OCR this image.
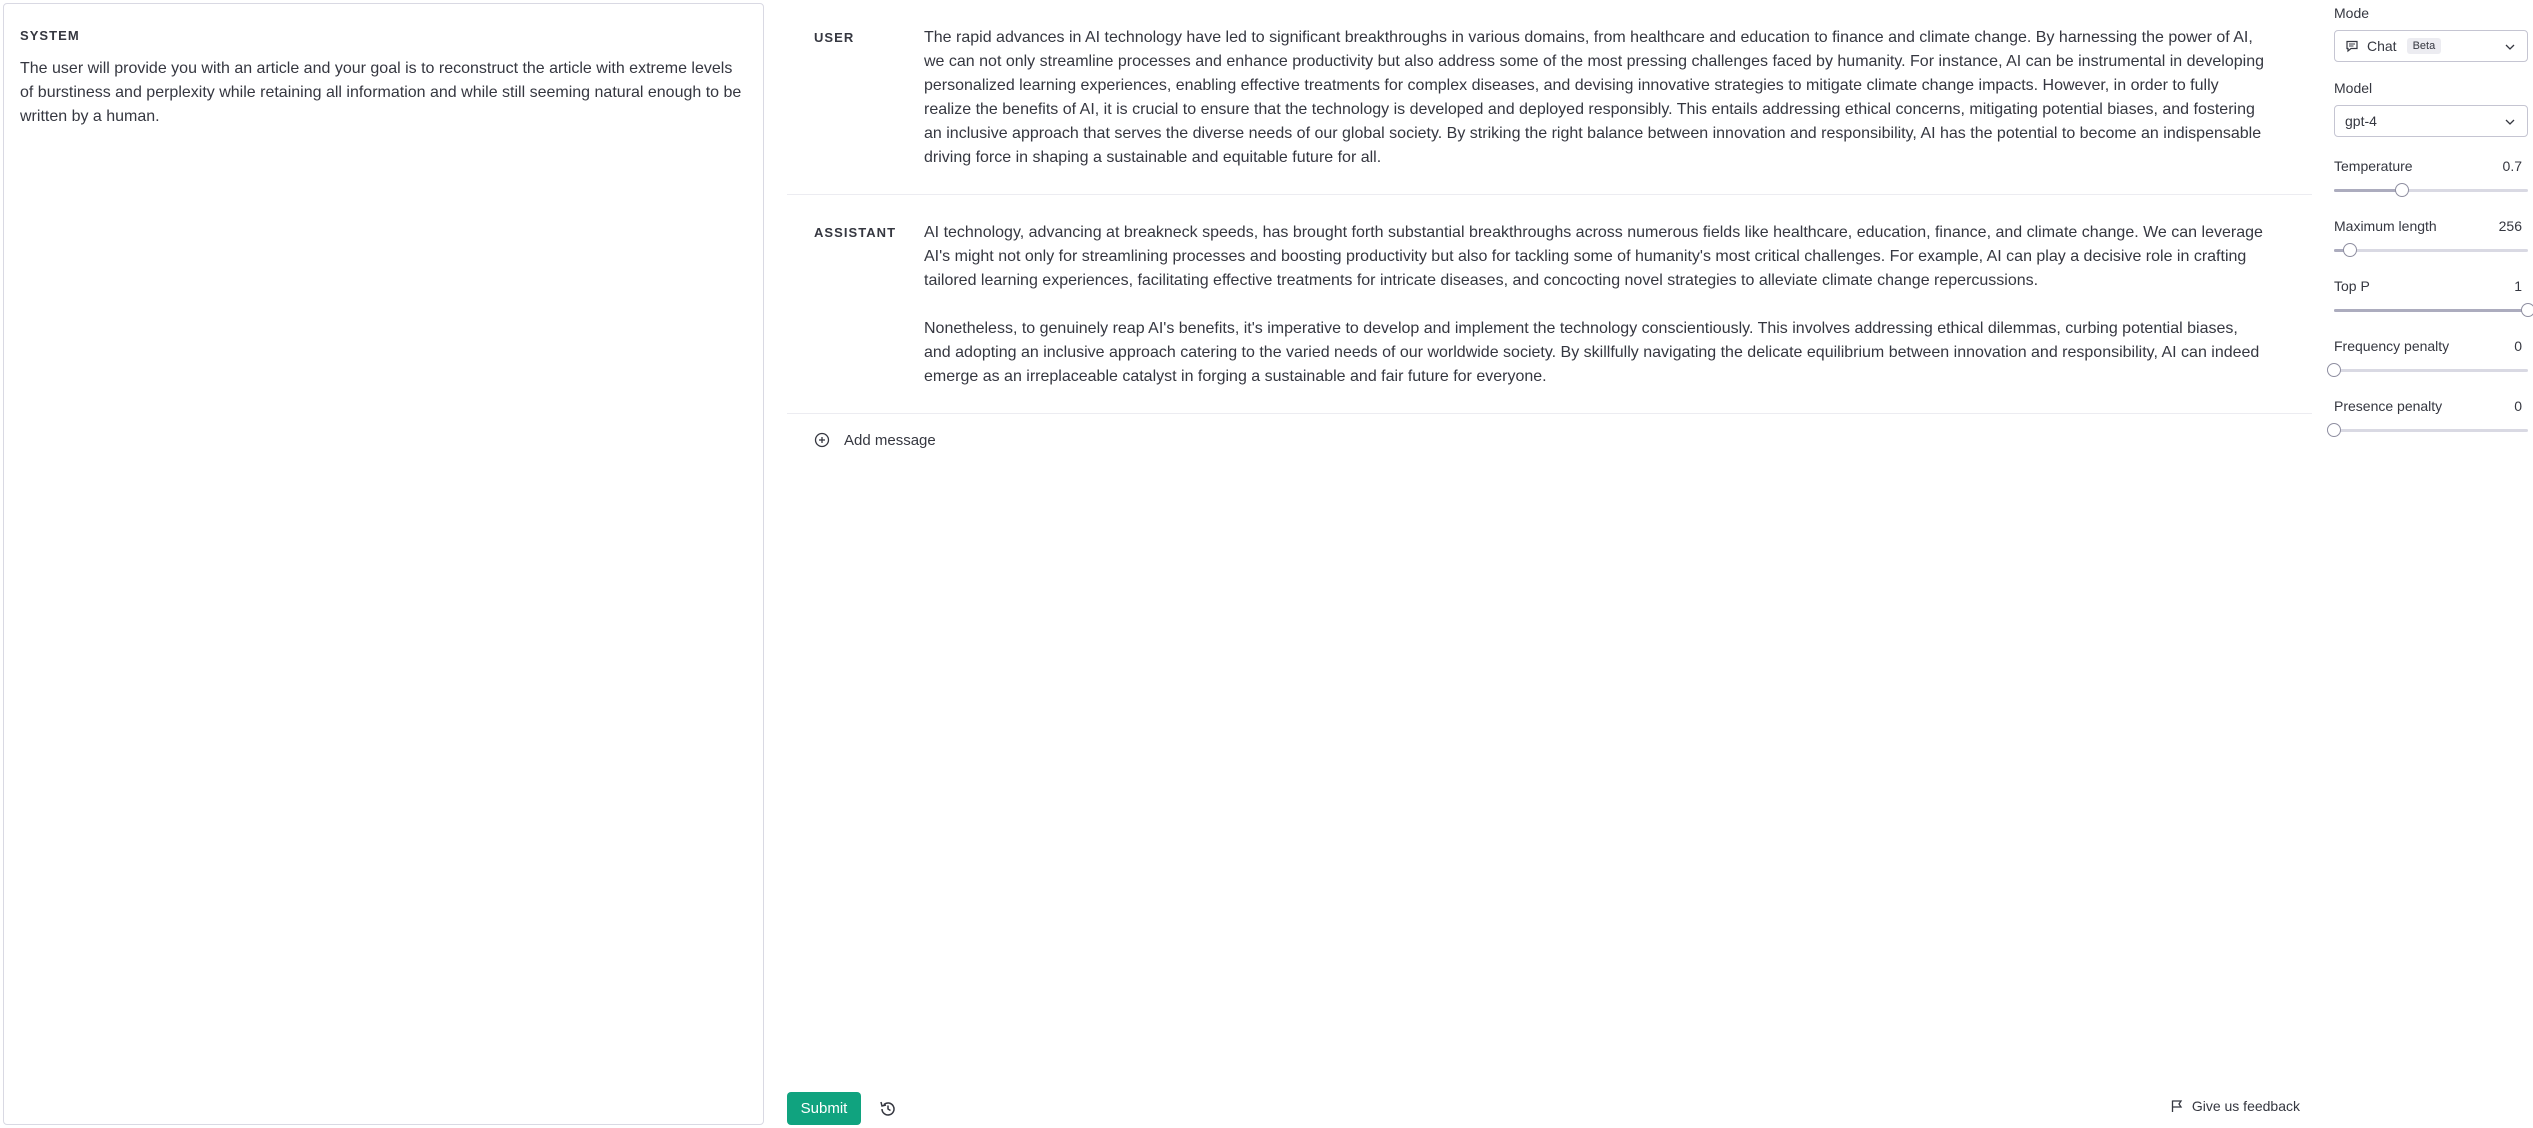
SYSTEM
The user will provide you with an article and your goal is to reconstruct the article with extreme levels of burstiness and perplexity while retaining all information and while still seeming natural enough to be written by a human.
USER	The rapid advances in AI technology have led to significant breakthroughs in various domains, from healthcare and education to finance and climate change. By harnessing the power of AI, we can not only streamline processes and enhance productivity but also address some of the most pressing challenges faced by humanity. For instance, AI can be instrumental in developing personalized learning experiences, enabling effective treatments for complex diseases, and devising innovative strategies to mitigate climate change impacts. However, in order to fully realize the benefits of AI, it is crucial to ensure that the technology is developed and deployed responsibly. This entails addressing ethical concerns, mitigating potential biases, and fostering an inclusive approach that serves the diverse needs of our global society. By striking the right balance between innovation and responsibility, AI has the potential to become an indispensable driving force in shaping a sustainable and equitable future for all.

ASSISTANT	AI technology, advancing at breakneck speeds, has brought forth substantial breakthroughs across numerous fields like healthcare, education, finance, and climate change. We can leverage AI's might not only for streamlining processes and boosting productivity but also for tackling some of humanity's most critical challenges. For example, AI can play a decisive role in crafting tailored learning experiences, facilitating effective treatments for intricate diseases, and concocting novel strategies to alleviate climate change repercussions.

Nonetheless, to genuinely reap AI's benefits, it's imperative to develop and implement the technology conscientiously. This involves addressing ethical dilemmas, curbing potential biases, and adopting an inclusive approach catering to the varied needs of our worldwide society. By skillfully navigating the delicate equilibrium between innovation and responsibility, AI can indeed emerge as an irreplaceable catalyst in forging a sustainable and fair future for everyone.

Add message
Submit	Give us feedback
Mode
Chat	Beta
Model
gpt-4
Temperature	0.7
Maximum length	256
Top P	1
Frequency penalty	0
Presence penalty	0
